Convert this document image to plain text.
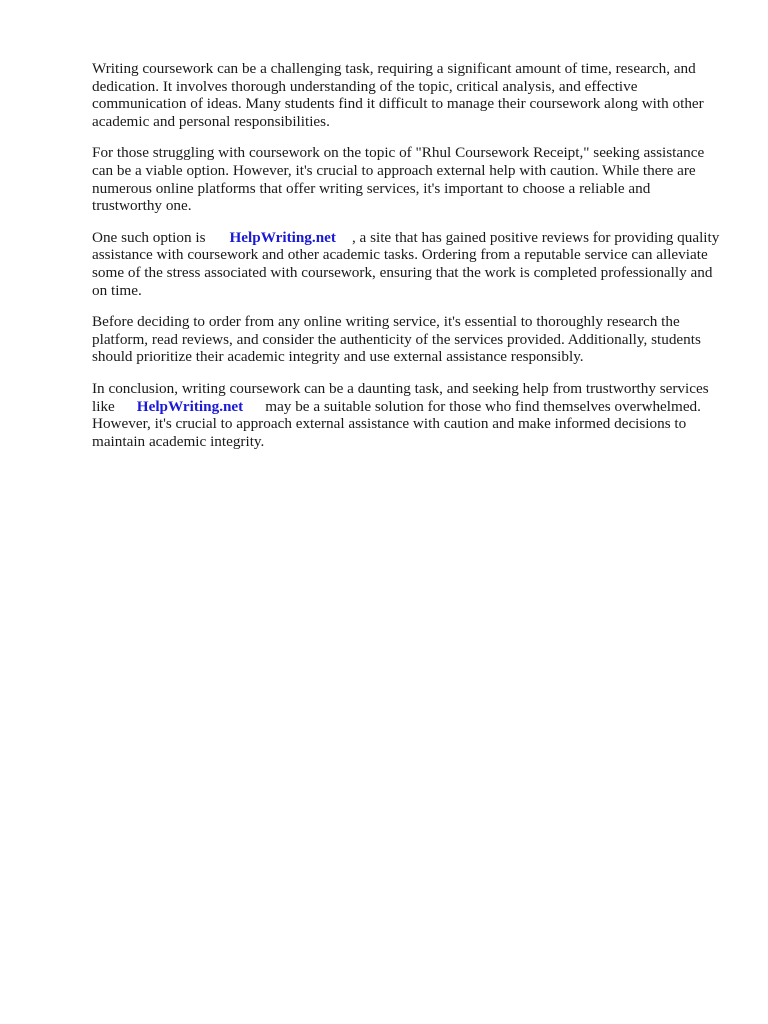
Writing coursework can be a challenging task, requiring a significant amount of time, research, and dedication. It involves thorough understanding of the topic, critical analysis, and effective communication of ideas. Many students find it difficult to manage their coursework along with other academic and personal responsibilities.

For those struggling with coursework on the topic of "Rhul Coursework Receipt," seeking assistance can be a viable option. However, it's crucial to approach external help with caution. While there are numerous online platforms that offer writing services, it's important to choose a reliable and trustworthy one.

One such option is HelpWriting.net , a site that has gained positive reviews for providing quality assistance with coursework and other academic tasks. Ordering from a reputable service can alleviate some of the stress associated with coursework, ensuring that the work is completed professionally and on time.

Before deciding to order from any online writing service, it's essential to thoroughly research the platform, read reviews, and consider the authenticity of the services provided. Additionally, students should prioritize their academic integrity and use external assistance responsibly.

In conclusion, writing coursework can be a daunting task, and seeking help from trustworthy services like HelpWriting.net may be a suitable solution for those who find themselves overwhelmed. However, it's crucial to approach external assistance with caution and make informed decisions to maintain academic integrity.
